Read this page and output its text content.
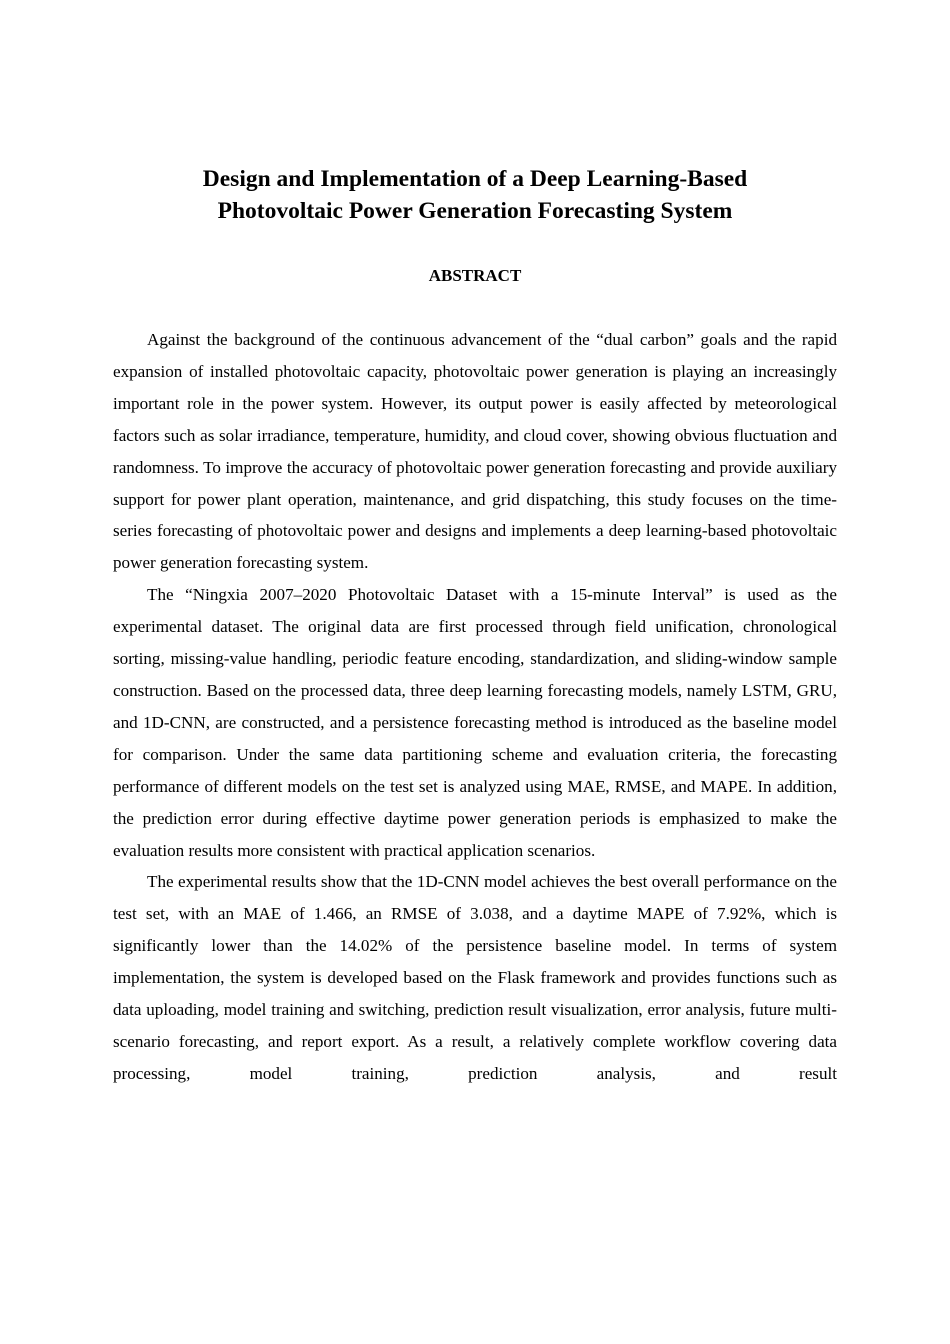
Design and Implementation of a Deep Learning-Based
Photovoltaic Power Generation Forecasting System
ABSTRACT

Against the background of the continuous advancement of the “dual carbon” goals and the rapid expansion of installed photovoltaic capacity, photovoltaic power generation is playing an increasingly important role in the power system. However, its output power is easily affected by meteorological factors such as solar irradiance, temperature, humidity, and cloud cover, showing obvious fluctuation and randomness. To improve the accuracy of photovoltaic power generation forecasting and provide auxiliary support for power plant operation, maintenance, and grid dispatching, this study focuses on the time-series forecasting of photovoltaic power and designs and implements a deep learning-based photovoltaic power generation forecasting system.

The “Ningxia 2007–2020 Photovoltaic Dataset with a 15-minute Interval” is used as the experimental dataset. The original data are first processed through field unification, chronological sorting, missing-value handling, periodic feature encoding, standardization, and sliding-window sample construction. Based on the processed data, three deep learning forecasting models, namely LSTM, GRU, and 1D-CNN, are constructed, and a persistence forecasting method is introduced as the baseline model for comparison. Under the same data partitioning scheme and evaluation criteria, the forecasting performance of different models on the test set is analyzed using MAE, RMSE, and MAPE. In addition, the prediction error during effective daytime power generation periods is emphasized to make the evaluation results more consistent with practical application scenarios.

The experimental results show that the 1D-CNN model achieves the best overall performance on the test set, with an MAE of 1.466, an RMSE of 3.038, and a daytime MAPE of 7.92%, which is significantly lower than the 14.02% of the persistence baseline model. In terms of system implementation, the system is developed based on the Flask framework and provides functions such as data uploading, model training and switching, prediction result visualization, error analysis, future multi-scenario forecasting, and report export. As a result, a relatively complete workflow covering data processing, model training, prediction analysis, and result
